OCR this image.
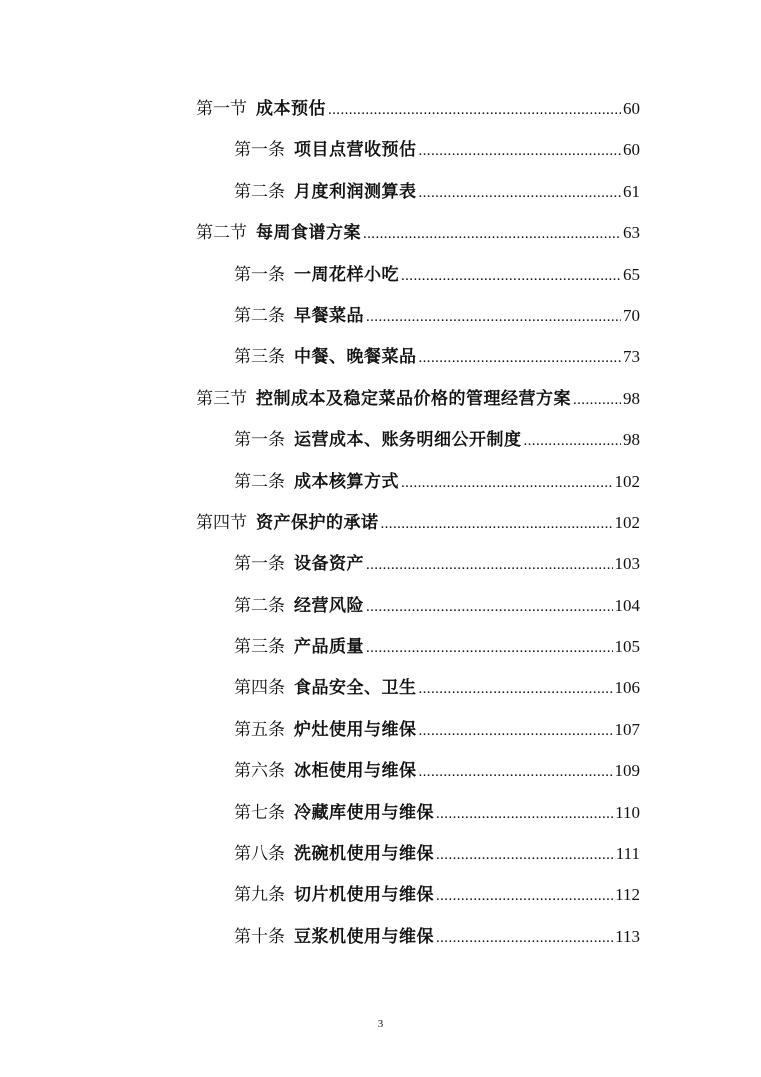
第一节 成本预估 .....	60
第一条 项目点营收预估 .....	60
第二条 月度利润测算表 .....	61
第二节 每周食谱方案 .....	63
第一条 一周花样小吃 .....	65
第二条 早餐菜品 .....	70
第三条 中餐、晚餐菜品 .....	73
第三节 控制成本及稳定菜品价格的管理经营方案 .....	98
第一条 运营成本、账务明细公开制度 .....	98
第二条 成本核算方式 .....	102
第四节 资产保护的承诺 .....	102
第一条 设备资产 .....	103
第二条 经营风险 .....	104
第三条 产品质量 .....	105
第四条 食品安全、卫生 .....	106
第五条 炉灶使用与维保 .....	107
第六条 冰柜使用与维保 .....	109
第七条 冷藏库使用与维保 .....	110
第八条 洗碗机使用与维保 .....	111
第九条 切片机使用与维保 .....	112
第十条 豆浆机使用与维保 .....	113
3
